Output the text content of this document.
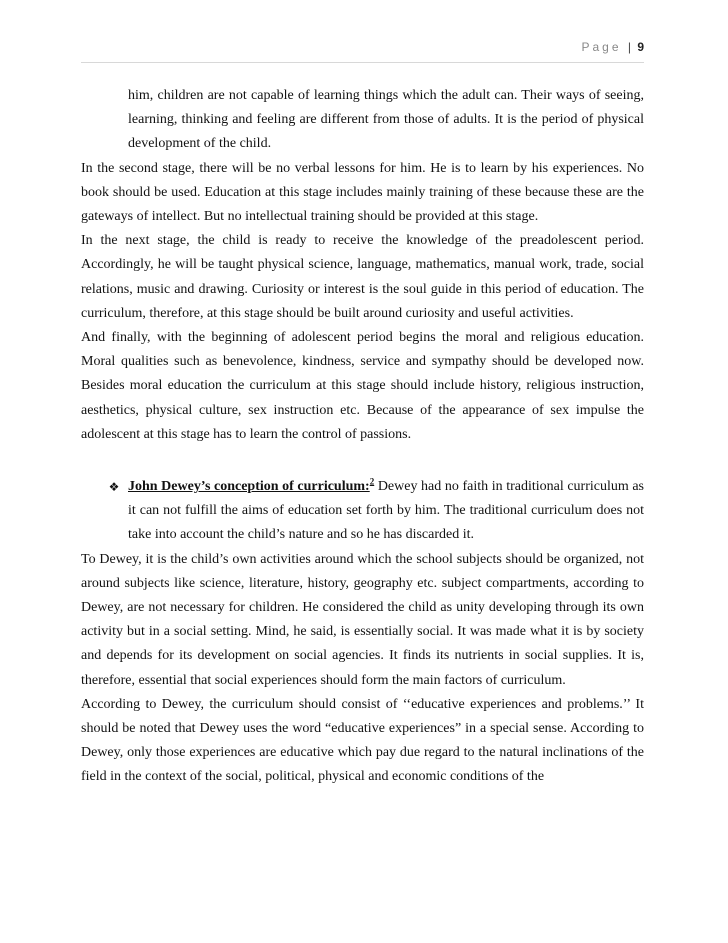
Page | 9

him, children are not capable of learning things which the adult can. Their ways of seeing, learning, thinking and feeling are different from those of adults. It is the period of physical development of the child.

In the second stage, there will be no verbal lessons for him. He is to learn by his experiences. No book should be used. Education at this stage includes mainly training of these because these are the gateways of intellect. But no intellectual training should be provided at this stage.

In the next stage, the child is ready to receive the knowledge of the preadolescent period. Accordingly, he will be taught physical science, language, mathematics, manual work, trade, social relations, music and drawing. Curiosity or interest is the soul guide in this period of education. The curriculum, therefore, at this stage should be built around curiosity and useful activities.

And finally, with the beginning of adolescent period begins the moral and religious education. Moral qualities such as benevolence, kindness, service and sympathy should be developed now. Besides moral education the curriculum at this stage should include history, religious instruction, aesthetics, physical culture, sex instruction etc. Because of the appearance of sex impulse the adolescent at this stage has to learn the control of passions.

❖ John Dewey’s conception of curriculum:$^2$ Dewey had no faith in traditional curriculum as it can not fulfill the aims of education set forth by him. The traditional curriculum does not take into account the child’s nature and so he has discarded it.

To Dewey, it is the child’s own activities around which the school subjects should be organized, not around subjects like science, literature, history, geography etc. subject compartments, according to Dewey, are not necessary for children. He considered the child as unity developing through its own activity but in a social setting. Mind, he said, is essentially social. It was made what it is by society and depends for its development on social agencies. It finds its nutrients in social supplies. It is, therefore, essential that social experiences should form the main factors of curriculum.

According to Dewey, the curriculum should consist of ‘‘educative experiences and problems.’’ It should be noted that Dewey uses the word “educative experiences” in a special sense. According to Dewey, only those experiences are educative which pay due regard to the natural inclinations of the field in the context of the social, political, physical and economic conditions of the
